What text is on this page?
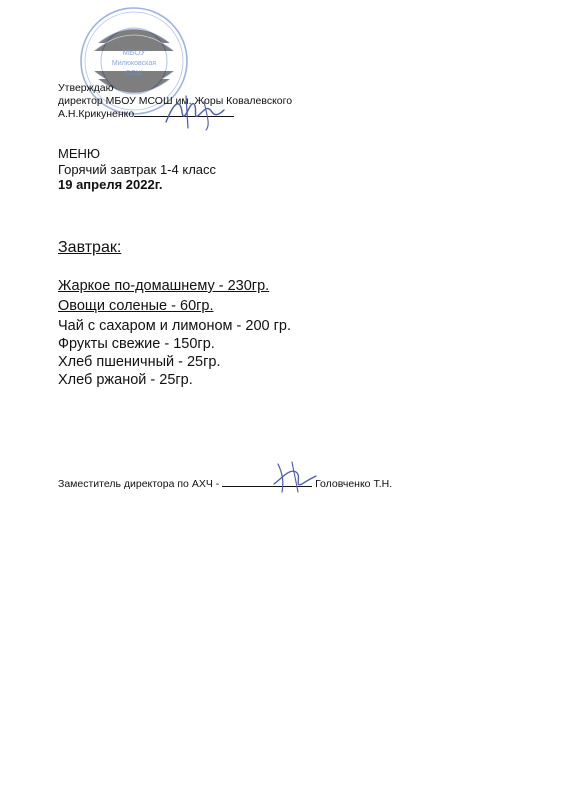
МБОУ
Милюковская
СОШ
Утверждаю
директор МБОУ МСОШ им. Жоры Ковалевского
А.Н.Крикуненко
МЕНЮ
Горячий завтрак 1-4 класс
19 апреля 2022г.
Завтрак:
Жаркое по-домашнему - 230гр.
Овощи соленые - 60гр.
Чай с сахаром и лимоном - 200 гр.
Фрукты свежие - 150гр.
Хлеб пшеничный - 25гр.
Хлеб ржаной - 25гр.
Заместитель директора по АХЧ -	Головченко Т.Н.
